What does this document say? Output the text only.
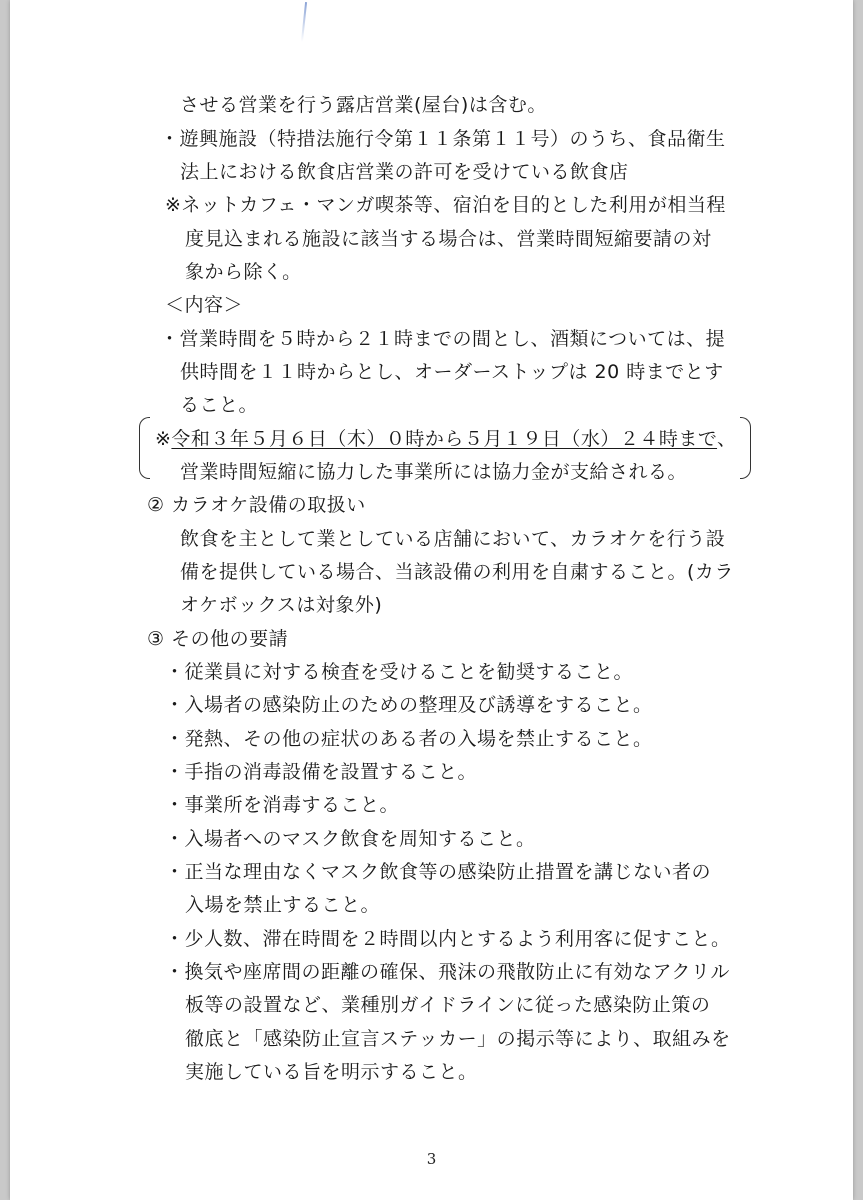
させる営業を行う露店営業(屋台)は含む。
・遊興施設（特措法施行令第１１条第１１号）のうち、食品衛生
法上における飲食店営業の許可を受けている飲食店
※ネットカフェ・マンガ喫茶等、宿泊を目的とした利用が相当程
度見込まれる施設に該当する場合は、営業時間短縮要請の対
象から除く。
＜内容＞
・営業時間を５時から２１時までの間とし、酒類については、提
供時間を１１時からとし、オーダーストップは 20 時までとす
ること。
※令和３年５月６日（木）０時から５月１９日（水）２４時まで、
営業時間短縮に協力した事業所には協力金が支給される。
② カラオケ設備の取扱い
飲食を主として業としている店舗において、カラオケを行う設
備を提供している場合、当該設備の利用を自粛すること。(カラ
オケボックスは対象外)
③ その他の要請
・従業員に対する検査を受けることを勧奨すること。
・入場者の感染防止のための整理及び誘導をすること。
・発熱、その他の症状のある者の入場を禁止すること。
・手指の消毒設備を設置すること。
・事業所を消毒すること。
・入場者へのマスク飲食を周知すること。
・正当な理由なくマスク飲食等の感染防止措置を講じない者の
入場を禁止すること。
・少人数、滞在時間を２時間以内とするよう利用客に促すこと。
・換気や座席間の距離の確保、飛沫の飛散防止に有効なアクリル
板等の設置など、業種別ガイドラインに従った感染防止策の
徹底と「感染防止宣言ステッカー」の掲示等により、取組みを
実施している旨を明示すること。
3
